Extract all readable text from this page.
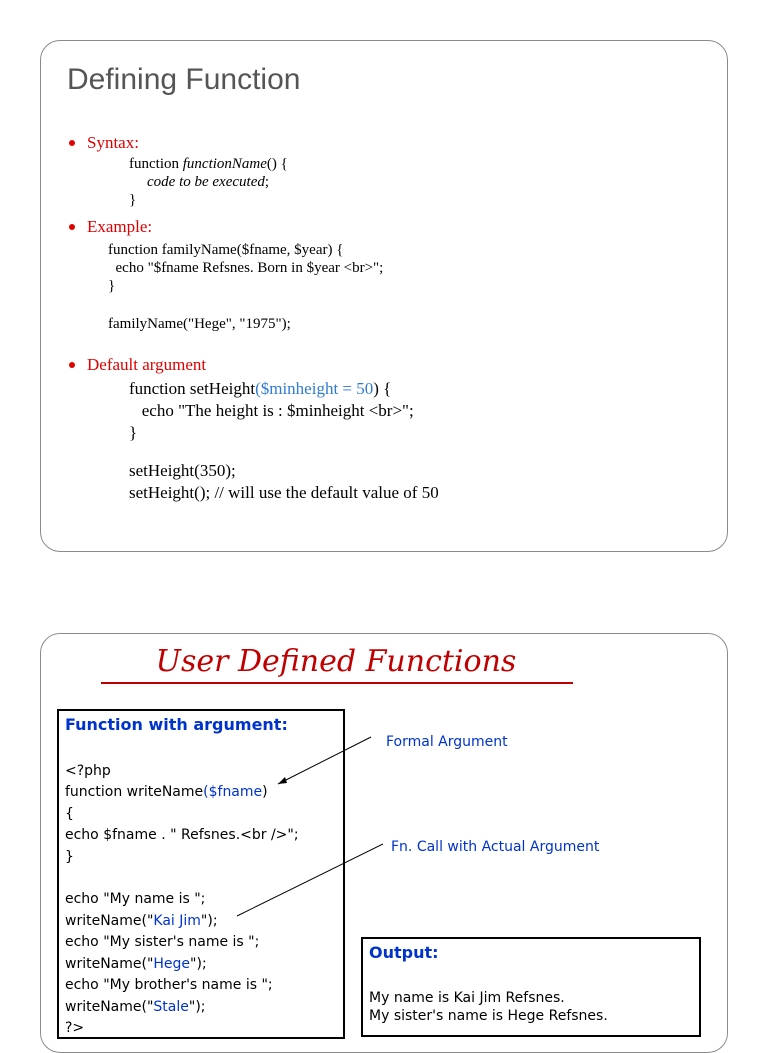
Defining Function
Syntax:
function functionName() {
code to be executed;
}
Example:
function familyName($fname, $year) {
echo "$fname Refsnes. Born in $year <br>";
}
familyName("Hege", "1975");
Default argument
function setHeight($minheight = 50) {
echo "The height is : $minheight <br>";
}
setHeight(350);
setHeight(); // will use the default value of 50
User Defined Functions
Function with argument:
<?php
function writeName($fname)
{
echo $fname . " Refsnes.<br />";
}
echo "My name is ";
writeName("Kai Jim");
echo "My sister's name is ";
writeName("Hege");
echo "My brother's name is ";
writeName("Stale");
?>
Formal Argument
Fn. Call with Actual Argument
Output:
My name is Kai Jim Refsnes.
My sister's name is Hege Refsnes.
